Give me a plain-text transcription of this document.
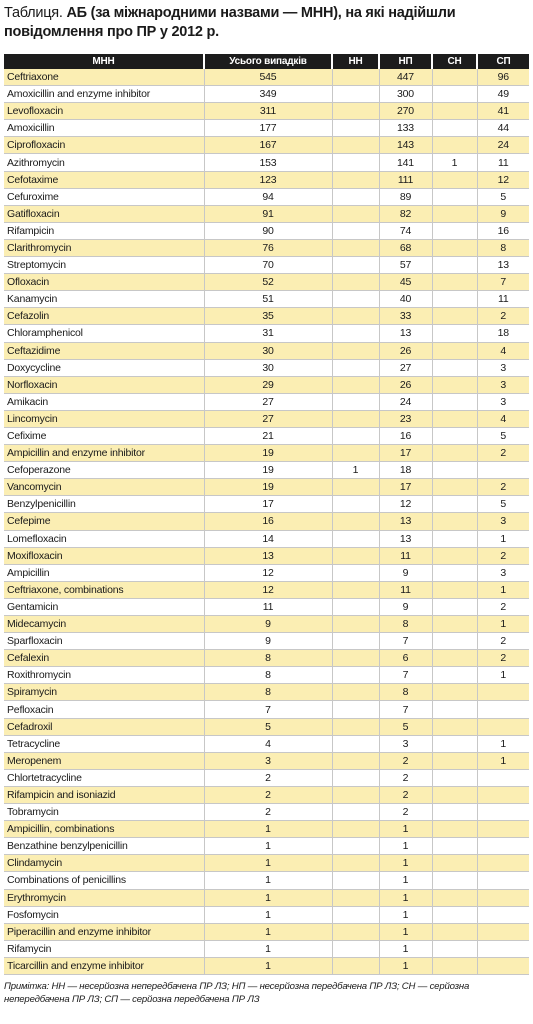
Таблиця. АБ (за міжнародними назвами — МНН), на які надійшли повідомлення про ПР у 2012 р.
МНН	Усього випадків	НН	НП	СН	СП
Ceftriaxone	545		447		96
Amoxicillin and enzyme inhibitor	349		300		49
Levofloxacin	311		270		41
Amoxicillin	177		133		44
Ciprofloxacin	167		143		24
Azithromycin	153		141	1	11
Cefotaxime	123		111		12
Cefuroxime	94		89		5
Gatifloxacin	91		82		9
Rifampicin	90		74		16
Clarithromycin	76		68		8
Streptomycin	70		57		13
Ofloxacin	52		45		7
Kanamycin	51		40		11
Cefazolin	35		33		2
Chloramphenicol	31		13		18
Ceftazidime	30		26		4
Doxycycline	30		27		3
Norfloxacin	29		26		3
Amikacin	27		24		3
Lincomycin	27		23		4
Cefixime	21		16		5
Ampicillin and enzyme inhibitor	19		17		2
Cefoperazone	19	1	18		
Vancomycin	19		17		2
Benzylpenicillin	17		12		5
Cefepime	16		13		3
Lomefloxacin	14		13		1
Moxifloxacin	13		11		2
Ampicillin	12		9		3
Ceftriaxone, combinations	12		11		1
Gentamicin	11		9		2
Midecamycin	9		8		1
Sparfloxacin	9		7		2
Cefalexin	8		6		2
Roxithromycin	8		7		1
Spiramycin	8		8		
Pefloxacin	7		7		
Cefadroxil	5		5		
Tetracycline	4		3		1
Meropenem	3		2		1
Chlortetracycline	2		2		
Rifampicin and isoniazid	2		2		
Tobramycin	2		2		
Ampicillin, combinations	1		1		
Benzathine benzylpenicillin	1		1		
Clindamycin	1		1		
Combinations of penicillins	1		1		
Erythromycin	1		1		
Fosfomycin	1		1		
Piperacillin and enzyme inhibitor	1		1		
Rifamycin	1		1		
Ticarcillin and enzyme inhibitor	1		1		
Примітка: НН — несерйозна непередбачена ПР ЛЗ; НП — несерйозна передбачена ПР ЛЗ; СН — серйозна непередбачена ПР ЛЗ; СП — серйозна передбачена ПР ЛЗ
